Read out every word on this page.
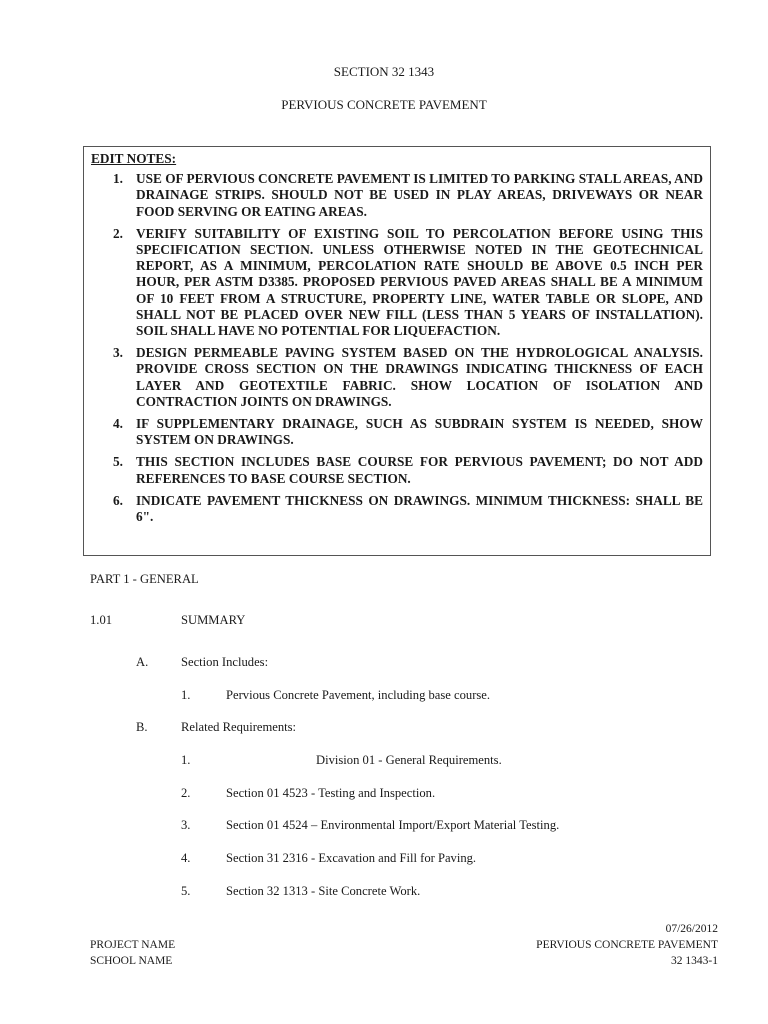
SECTION 32 1343
PERVIOUS CONCRETE PAVEMENT
EDIT NOTES:
1. USE OF PERVIOUS CONCRETE PAVEMENT IS LIMITED TO PARKING STALL AREAS, AND DRAINAGE STRIPS. SHOULD NOT BE USED IN PLAY AREAS, DRIVEWAYS OR NEAR FOOD SERVING OR EATING AREAS.
2. VERIFY SUITABILITY OF EXISTING SOIL TO PERCOLATION BEFORE USING THIS SPECIFICATION SECTION. UNLESS OTHERWISE NOTED IN THE GEOTECHNICAL REPORT, AS A MINIMUM, PERCOLATION RATE SHOULD BE ABOVE 0.5 INCH PER HOUR, PER ASTM D3385. PROPOSED PERVIOUS PAVED AREAS SHALL BE A MINIMUM OF 10 FEET FROM A STRUCTURE, PROPERTY LINE, WATER TABLE OR SLOPE, AND SHALL NOT BE PLACED OVER NEW FILL (LESS THAN 5 YEARS OF INSTALLATION). SOIL SHALL HAVE NO POTENTIAL FOR LIQUEFACTION.
3. DESIGN PERMEABLE PAVING SYSTEM BASED ON THE HYDROLOGICAL ANALYSIS. PROVIDE CROSS SECTION ON THE DRAWINGS INDICATING THICKNESS OF EACH LAYER AND GEOTEXTILE FABRIC. SHOW LOCATION OF ISOLATION AND CONTRACTION JOINTS ON DRAWINGS.
4. IF SUPPLEMENTARY DRAINAGE, SUCH AS SUBDRAIN SYSTEM IS NEEDED, SHOW SYSTEM ON DRAWINGS.
5. THIS SECTION INCLUDES BASE COURSE FOR PERVIOUS PAVEMENT; DO NOT ADD REFERENCES TO BASE COURSE SECTION.
6. INDICATE PAVEMENT THICKNESS ON DRAWINGS. MINIMUM THICKNESS: SHALL BE 6".
PART 1 - GENERAL
1.01	SUMMARY
A.	Section Includes:
1.	Pervious Concrete Pavement, including base course.
B.	Related Requirements:
1.	Division 01 - General Requirements.
2.	Section 01 4523 - Testing and Inspection.
3.	Section 01 4524 – Environmental Import/Export Material Testing.
4.	Section 31 2316 - Excavation and Fill for Paving.
5.	Section 32 1313 - Site Concrete Work.
07/26/2012
PROJECT NAME	PERVIOUS CONCRETE PAVEMENT
SCHOOL NAME	32 1343-1
